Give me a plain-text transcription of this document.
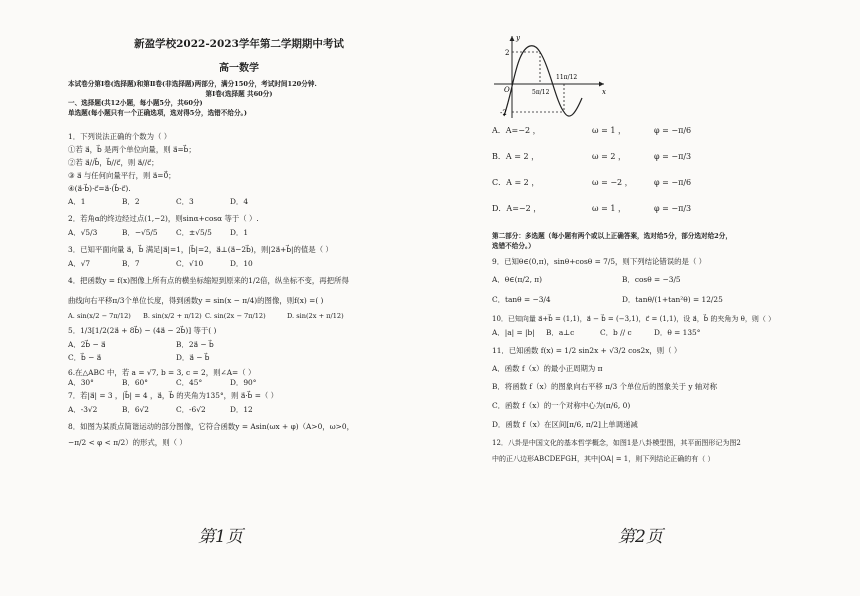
新盈学校2022-2023学年第二学期期中考试
高一数学
本试卷分第Ⅰ卷(选择题)和第Ⅱ卷(非选择题)两部分，满分150分，考试时间120分钟.
第Ⅰ卷(选择题 共60分)
一、选择题(共12小题，每小题5分，共60分)
单选题(每小题只有一个正确选项，选对得5分，选错不给分。)
1．下列说法正确的个数为（ ）
①若 a⃗，b⃗ 是两个单位向量，则 a⃗=b⃗；
②若 a⃗//b⃗，b⃗//c⃗，则 a⃗//c⃗；
③ a⃗ 与任何向量平行，则 a⃗=0⃗；
④(a⃗·b⃗)·c⃗=a⃗·(b⃗·c⃗).
A．1	B．2	C．3	D．4
2．若角α的终边经过点(1,−2)，则sinα+cosα 等于（ ）.
A．√5/3	B．−√5/5	C．±√5/5	D．1
3．已知平面向量 a⃗，b⃗ 满足|a⃗|=1，|b⃗|=2，a⃗⊥(a⃗−2b⃗)，则|2a⃗+b⃗|的值是（ ）
A．√7	B．7	C．√10	D．10
4．把函数y = f(x)图像上所有点的横坐标缩短到原来的1/2倍，纵坐标不变，再把所得
曲线向右平移π/3个单位长度，得到函数y = sin(x − π/4)的图像，则f(x) =( )
A. sin(x/2 − 7π/12)	B. sin(x/2 + π/12) C. sin(2x − 7π/12)	D. sin(2x + π/12)
5．1/3[1/2(2a⃗ + 8b⃗) − (4a⃗ − 2b⃗)] 等于( )
A．2b⃗ − a⃗	B．2a⃗ − b⃗
C．b⃗ − a⃗	D．a⃗ − b⃗
6.在△ABC 中，若 a = √7, b = 3, c = 2，则∠A=（ ）
A．30°	B．60°	C．45°	D．90°
7．若|a⃗| = 3 ，|b⃗| = 4 ，a⃗，b⃗ 的夹角为135°，则 a⃗·b⃗ =（ ）
A．-3√2	B．6√2	C．-6√2	D．12
8．如图为某质点简谐运动的部分图像，它符合函数y = Asin(ωx + φ)（A>0，ω>0，
−π/2 < φ < π/2）的形式，则（ ）
第1页
2
-2
O	x
y
5π/12
11π/12
A．A=−2 ，	ω = 1 ，	φ = −π/6
B．A = 2 ，	ω = 2 ，	φ = −π/3
C．A = 2 ，	ω = −2 ，	φ = −π/6
D．A=−2 ，	ω = 1 ，	φ = −π/3
第二部分：多选题（每小题有两个或以上正确答案，选对给5分，部分选对给2分，
选错不给分。）
9．已知θ∈(0,π)，sinθ+cosθ = 7/5，则下列结论错误的是（ ）
A．θ∈(π/2, π)	B．cosθ = −3/5
C．tanθ = −3/4	D．tanθ/(1+tan²θ) = 12/25
10．已知向量 a⃗+b⃗ = (1,1)，a⃗ − b⃗ = (−3,1)，c⃗ = (1,1)，设 a⃗，b⃗ 的夹角为 θ，则（ ）
A．|a| = |b|	B．a⊥c	C．b // c	D．θ = 135°
11．已知函数 f(x) = 1/2 sin2x + √3/2 cos2x，则（ ）
A．函数 f（x）的最小正周期为 π
B．将函数 f（x）的图象向右平移 π/3 个单位后的图象关于 y 轴对称
C．函数 f（x）的一个对称中心为(π/6, 0)
D．函数 f（x）在区间[π/6, π/2]上单调递减
12．八卦是中国文化的基本哲学概念，如图1是八卦模型图，其平面图形记为图2
中的正八边形ABCDEFGH，其中|OA| = 1，则下列结论正确的有（ ）
第2页
